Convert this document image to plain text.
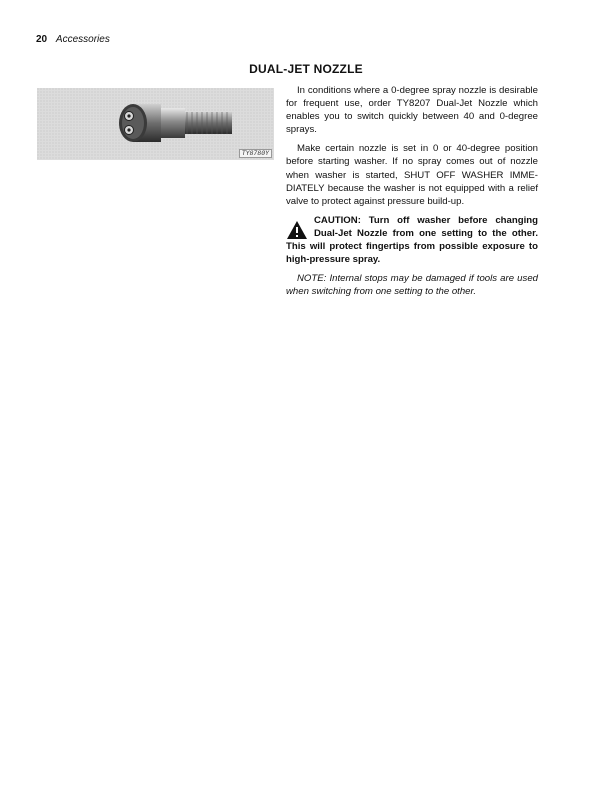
20 Accessories
DUAL-JET NOZZLE
TY8780Y

In conditions where a 0-degree spray nozzle is desirable for frequent use, order TY8207 Dual-Jet Nozzle which enables you to switch quickly between 40 and 0-degree sprays.

Make certain nozzle is set in 0 or 40-degree position before starting washer. If no spray comes out of nozzle when washer is started, SHUT OFF WASHER IMME-DIATELY because the washer is not equipped with a relief valve to protect against pressure build-up.

CAUTION: Turn off washer before changing Dual-Jet Nozzle from one setting to the other. This will protect fingertips from possible exposure to high-pressure spray.

NOTE: Internal stops may be damaged if tools are used when switching from one setting to the other.
